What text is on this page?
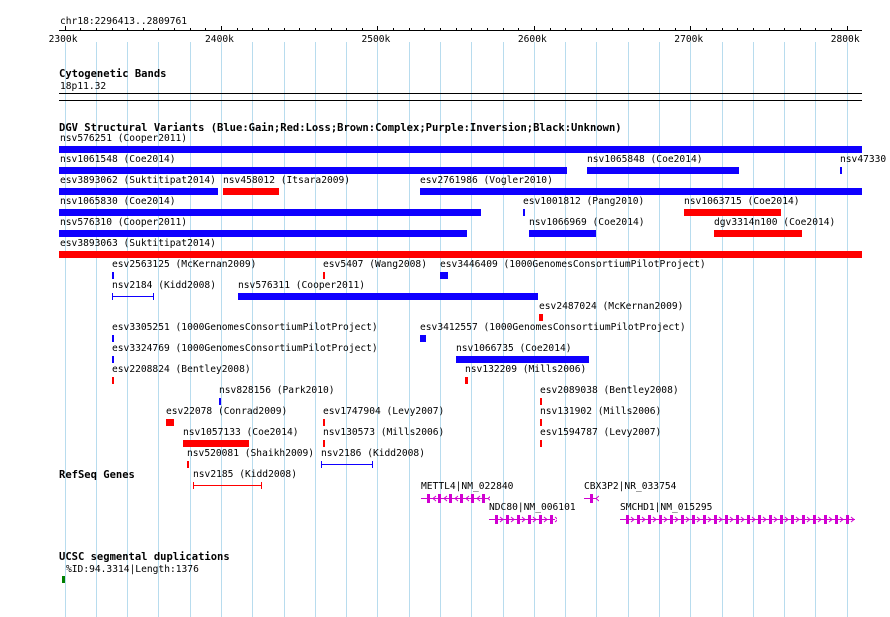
chr18:2296413..2809761
2300k	2400k	2500k	2600k	2700k	2800k
Cytogenetic Bands
18p11.32
DGV Structural Variants (Blue:Gain;Red:Loss;Brown:Complex;Purple:Inversion;Black:Unknown)
nsv576251 (Cooper2011)
nsv1061548 (Coe2014)	nsv1065848 (Coe2014)	nsv47330
esv3893062 (Suktitipat2014) nsv458012 (Itsara2009)	esv2761986 (Vogler2010)
nsv1065830 (Coe2014)	esv1001812 (Pang2010)	nsv1063715 (Coe2014)
nsv576310 (Cooper2011)	nsv1066969 (Coe2014)	dgv3314n100 (Coe2014)
esv3893063 (Suktitipat2014)
esv2563125 (McKernan2009)	esv5407 (Wang2008) esv3446409 (1000GenomesConsortiumPilotProject)
nsv2184 (Kidd2008) nsv576311 (Cooper2011)
esv2487024 (McKernan2009)
esv3305251 (1000GenomesConsortiumPilotProject)	esv3412557 (1000GenomesConsortiumPilotProject)
esv3324769 (1000GenomesConsortiumPilotProject)	nsv1066735 (Coe2014)
esv2208824 (Bentley2008)
nsv828156 (Park2010)
nsv132209 (Mills2006)
esv22078 (Conrad2009)	esv1747904 (Levy2007)
esv2089038 (Bentley2008)
nsv1057133 (Coe2014)	nsv130573 (Mills2006)
nsv131902 (Mills2006)
nsv520081 (Shaikh2009) nsv2186 (Kidd2008)
esv1594787 (Levy2007)
nsv2185 (Kidd2008)
RefSeq Genes
METTL4|NM_022840
NDC80|NM_006101
CBX3P2|NR_033754
SMCHD1|NM_015295
UCSC segmental duplications
%ID:94.3314|Length:1376
